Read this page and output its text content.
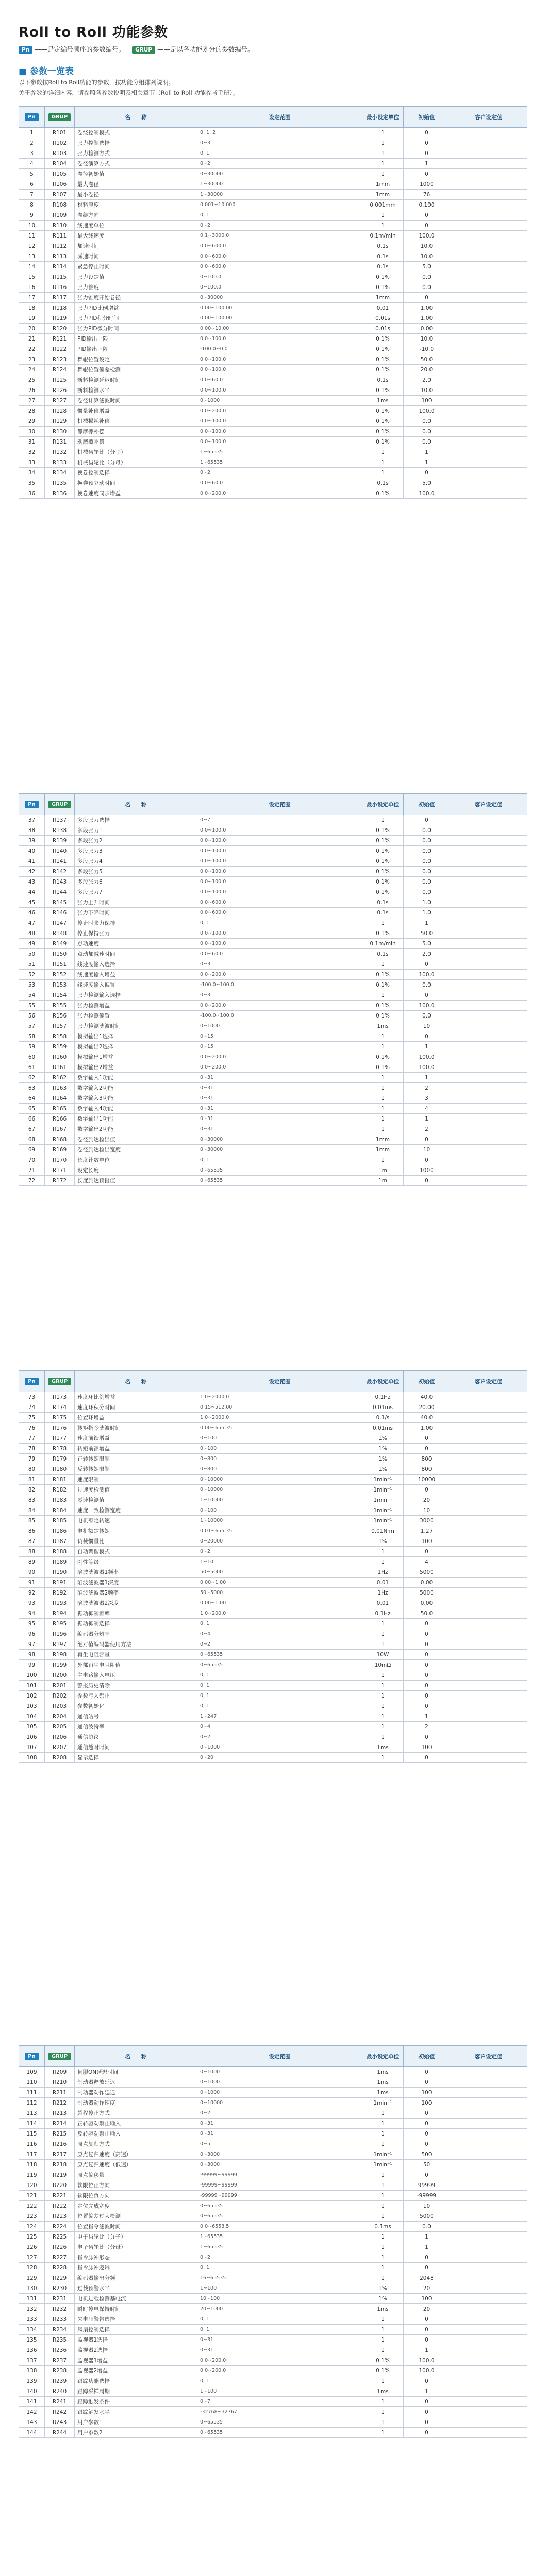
Roll to Roll 功能参数
Pn ——是定编号顺序的参数编号。 GRUP ——是以各功能划分的参数编号。
■ 参数一览表

以下参数按Roll to Roll功能的参数，按功能分组排列说明。

关于参数的详细内容，请参照各参数说明及相关章节（Roll to Roll 功能参考手册）。

Pn	GRUP	名　　称	设定范围	最小设定单位	初始值	客户设定值
1	R101	卷绕控制模式	0, 1, 2	1	0	
2	R102	张力控制选择	0~3	1	0	
3	R103	张力检测方式	0, 1	1	0	
4	R104	卷径演算方式	0~2	1	1	
5	R105	卷径初始值	0~30000	1	0	
6	R106	最大卷径	1~30000	1mm	1000	
7	R107	最小卷径	1~30000	1mm	76	
8	R108	材料厚度	0.001~10.000	0.001mm	0.100	
9	R109	卷绕方向	0, 1	1	0	
10	R110	线速度单位	0~2	1	0	
11	R111	最大线速度	0.1~3000.0	0.1m/min	100.0	
12	R112	加速时间	0.0~600.0	0.1s	10.0	
13	R113	减速时间	0.0~600.0	0.1s	10.0	
14	R114	紧急停止时间	0.0~600.0	0.1s	5.0	
15	R115	张力设定值	0~100.0	0.1%	0.0	
16	R116	张力锥度	0~100.0	0.1%	0.0	
17	R117	张力锥度开始卷径	0~30000	1mm	0	
18	R118	张力PID比例增益	0.00~100.00	0.01	1.00	
19	R119	张力PID积分时间	0.00~100.00	0.01s	1.00	
20	R120	张力PID微分时间	0.00~10.00	0.01s	0.00	
21	R121	PID输出上限	0.0~100.0	0.1%	10.0	
22	R122	PID输出下限	-100.0~0.0	0.1%	-10.0	
23	R123	舞辊位置设定	0.0~100.0	0.1%	50.0	
24	R124	舞辊位置偏差检测	0.0~100.0	0.1%	20.0	
25	R125	断料检测延迟时间	0.0~60.0	0.1s	2.0	
26	R126	断料检测水平	0.0~100.0	0.1%	10.0	
27	R127	卷径计算滤波时间	0~1000	1ms	100	
28	R128	惯量补偿增益	0.0~200.0	0.1%	100.0	
29	R129	机械损耗补偿	0.0~100.0	0.1%	0.0	
30	R130	静摩擦补偿	0.0~100.0	0.1%	0.0	
31	R131	动摩擦补偿	0.0~100.0	0.1%	0.0	
32	R132	机械齿轮比（分子）	1~65535	1	1	
33	R133	机械齿轮比（分母）	1~65535	1	1	
34	R134	换卷控制选择	0~2	1	0	
35	R135	换卷预驱动时间	0.0~60.0	0.1s	5.0	
36	R136	换卷速度同步增益	0.0~200.0	0.1%	100.0	
Pn	GRUP	名　　称	设定范围	最小设定单位	初始值	客户设定值
37	R137	多段张力选择	0~7	1	0	
38	R138	多段张力1	0.0~100.0	0.1%	0.0	
39	R139	多段张力2	0.0~100.0	0.1%	0.0	
40	R140	多段张力3	0.0~100.0	0.1%	0.0	
41	R141	多段张力4	0.0~100.0	0.1%	0.0	
42	R142	多段张力5	0.0~100.0	0.1%	0.0	
43	R143	多段张力6	0.0~100.0	0.1%	0.0	
44	R144	多段张力7	0.0~100.0	0.1%	0.0	
45	R145	张力上升时间	0.0~600.0	0.1s	1.0	
46	R146	张力下降时间	0.0~600.0	0.1s	1.0	
47	R147	停止时张力保持	0, 1	1	1	
48	R148	停止保持张力	0.0~100.0	0.1%	50.0	
49	R149	点动速度	0.0~100.0	0.1m/min	5.0	
50	R150	点动加减速时间	0.0~60.0	0.1s	2.0	
51	R151	线速度输入选择	0~3	1	0	
52	R152	线速度输入增益	0.0~200.0	0.1%	100.0	
53	R153	线速度输入偏置	-100.0~100.0	0.1%	0.0	
54	R154	张力检测输入选择	0~3	1	0	
55	R155	张力检测增益	0.0~200.0	0.1%	100.0	
56	R156	张力检测偏置	-100.0~100.0	0.1%	0.0	
57	R157	张力检测滤波时间	0~1000	1ms	10	
58	R158	模拟输出1选择	0~15	1	0	
59	R159	模拟输出2选择	0~15	1	1	
60	R160	模拟输出1增益	0.0~200.0	0.1%	100.0	
61	R161	模拟输出2增益	0.0~200.0	0.1%	100.0	
62	R162	数字输入1功能	0~31	1	1	
63	R163	数字输入2功能	0~31	1	2	
64	R164	数字输入3功能	0~31	1	3	
65	R165	数字输入4功能	0~31	1	4	
66	R166	数字输出1功能	0~31	1	1	
67	R167	数字输出2功能	0~31	1	2	
68	R168	卷径到达检出值	0~30000	1mm	0	
69	R169	卷径到达检出宽度	0~30000	1mm	10	
70	R170	长度计数单位	0, 1	1	0	
71	R171	设定长度	0~65535	1m	1000	
72	R172	长度到达预报值	0~65535	1m	0	
Pn	GRUP	名　　称	设定范围	最小设定单位	初始值	客户设定值
73	R173	速度环比例增益	1.0~2000.0	0.1Hz	40.0	
74	R174	速度环积分时间	0.15~512.00	0.01ms	20.00	
75	R175	位置环增益	1.0~2000.0	0.1/s	40.0	
76	R176	转矩指令滤波时间	0.00~655.35	0.01ms	1.00	
77	R177	速度前馈增益	0~100	1%	0	
78	R178	转矩前馈增益	0~100	1%	0	
79	R179	正转转矩限制	0~800	1%	800	
80	R180	反转转矩限制	0~800	1%	800	
81	R181	速度限制	0~10000	1min⁻¹	10000	
82	R182	过速度检测值	0~10000	1min⁻¹	0	
83	R183	零速检测值	1~10000	1min⁻¹	20	
84	R184	速度一致检测宽度	0~100	1min⁻¹	10	
85	R185	电机额定转速	1~10000	1min⁻¹	3000	
86	R186	电机额定转矩	0.01~655.35	0.01N·m	1.27	
87	R187	负载惯量比	0~20000	1%	100	
88	R188	自动调谐模式	0~2	1	0	
89	R189	刚性等级	1~10	1	4	
90	R190	陷波滤波器1频率	50~5000	1Hz	5000	
91	R191	陷波滤波器1深度	0.00~1.00	0.01	0.00	
92	R192	陷波滤波器2频率	50~5000	1Hz	5000	
93	R193	陷波滤波器2深度	0.00~1.00	0.01	0.00	
94	R194	振动抑制频率	1.0~200.0	0.1Hz	50.0	
95	R195	振动抑制选择	0, 1	1	0	
96	R196	编码器分辨率	0~4	1	0	
97	R197	绝对值编码器使用方法	0~2	1	0	
98	R198	再生电阻容量	0~65535	10W	0	
99	R199	外部再生电阻阻值	0~65535	10mΩ	0	
100	R200	主电路输入电压	0, 1	1	0	
101	R201	警报历史清除	0, 1	1	0	
102	R202	参数写入禁止	0, 1	1	0	
103	R203	参数初始化	0, 1	1	0	
104	R204	通信站号	1~247	1	1	
105	R205	通信波特率	0~4	1	2	
106	R206	通信协议	0~2	1	0	
107	R207	通信超时时间	0~1000	1ms	100	
108	R208	显示选择	0~20	1	0	
Pn	GRUP	名　　称	设定范围	最小设定单位	初始值	客户设定值
109	R209	伺服ON延迟时间	0~1000	1ms	0	
110	R210	制动器释放延迟	0~1000	1ms	0	
111	R211	制动器动作延迟	0~1000	1ms	100	
112	R212	制动器动作速度	0~10000	1min⁻¹	100	
113	R213	超程停止方式	0~2	1	0	
114	R214	正转驱动禁止输入	0~31	1	0	
115	R215	反转驱动禁止输入	0~31	1	0	
116	R216	原点复归方式	0~5	1	0	
117	R217	原点复归速度（高速）	0~3000	1min⁻¹	500	
118	R218	原点复归速度（低速）	0~3000	1min⁻¹	50	
119	R219	原点偏移量	-99999~99999	1	0	
120	R220	软限位正方向	-99999~99999	1	99999	
121	R221	软限位负方向	-99999~99999	1	-99999	
122	R222	定位完成宽度	0~65535	1	10	
123	R223	位置偏差过大检测	0~65535	1	5000	
124	R224	位置指令滤波时间	0.0~6553.5	0.1ms	0.0	
125	R225	电子齿轮比（分子）	1~65535	1	1	
126	R226	电子齿轮比（分母）	1~65535	1	1	
127	R227	指令脉冲形态	0~2	1	0	
128	R228	指令脉冲逻辑	0, 1	1	0	
129	R229	编码器输出分频	16~65535	1	2048	
130	R230	过载预警水平	1~100	1%	20	
131	R231	电机过载检测基电流	10~100	1%	100	
132	R232	瞬时停电保持时间	20~1000	1ms	20	
133	R233	欠电压警告选择	0, 1	1	0	
134	R234	风扇控制选择	0, 1	1	0	
135	R235	监视器1选择	0~31	1	0	
136	R236	监视器2选择	0~31	1	1	
137	R237	监视器1增益	0.0~200.0	0.1%	100.0	
138	R238	监视器2增益	0.0~200.0	0.1%	100.0	
139	R239	跟踪功能选择	0, 1	1	0	
140	R240	跟踪采样周期	1~100	1ms	1	
141	R241	跟踪触发条件	0~7	1	0	
142	R242	跟踪触发水平	-32768~32767	1	0	
143	R243	用户参数1	0~65535	1	0	
144	R244	用户参数2	0~65535	1	0	
